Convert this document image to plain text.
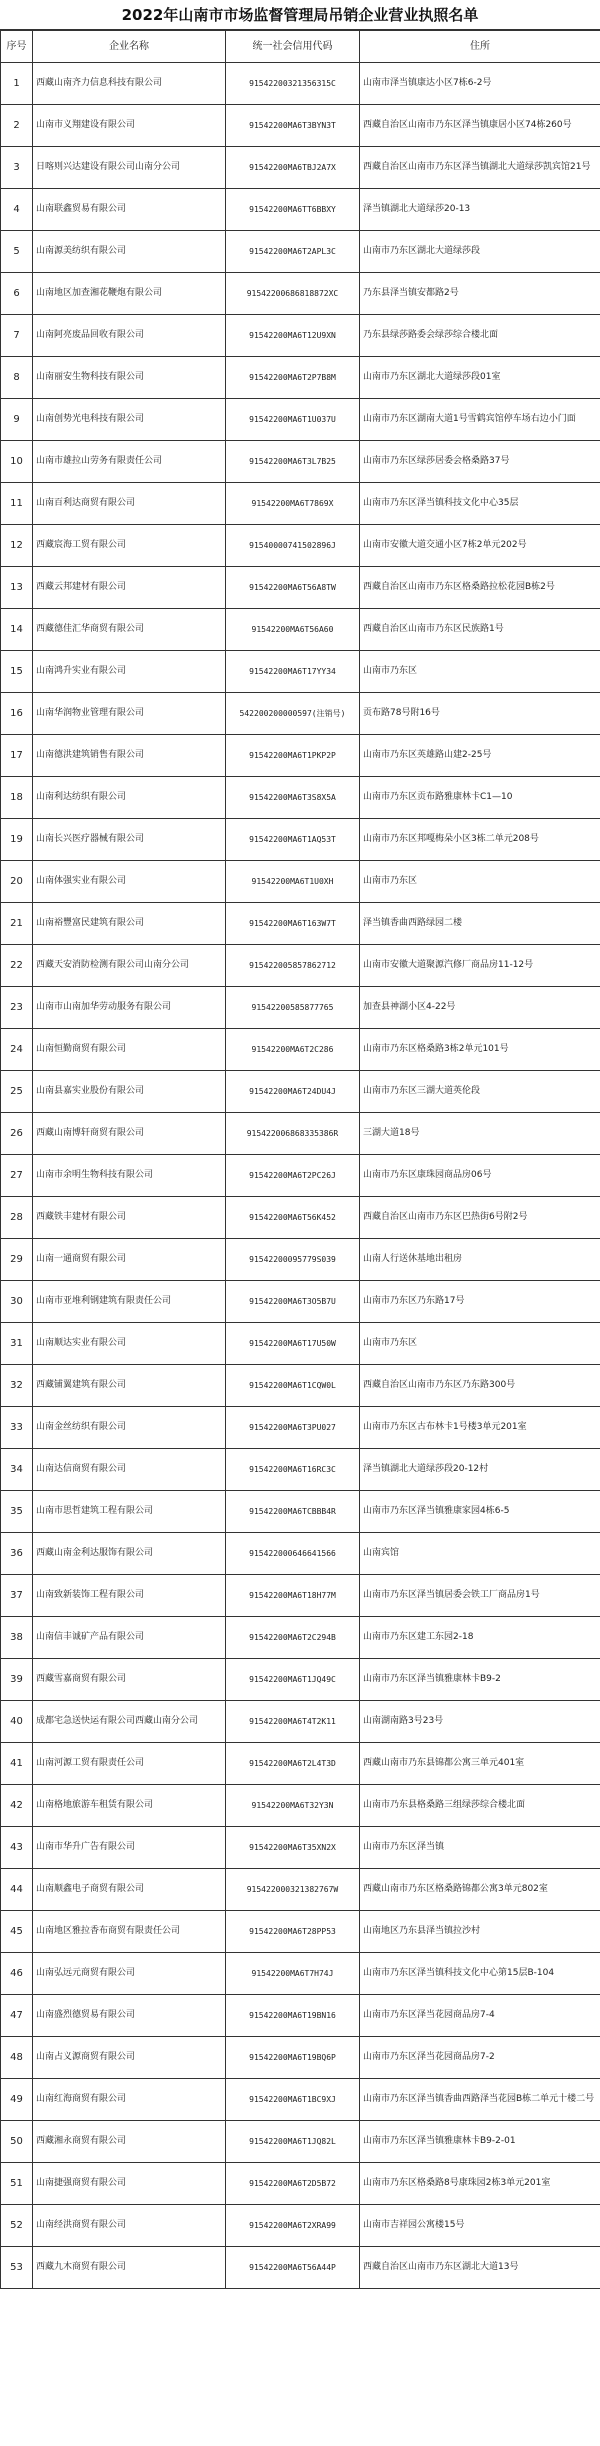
2022年山南市市场监督管理局吊销企业营业执照名单
序号	企业名称	统一社会信用代码	住所
1	西藏山南齐力信息科技有限公司	91542200321356315C	山南市泽当镇康达小区7栋6-2号
2	山南市义翔建设有限公司	91542200MA6T3BYN3T	西藏自治区山南市乃东区泽当镇康居小区74栋260号
3	日喀则兴达建设有限公司山南分公司	91542200MA6TBJ2A7X	西藏自治区山南市乃东区泽当镇湖北大道绿莎凯宾馆21号
4	山南联鑫贸易有限公司	91542200MA6TT6BBXY	泽当镇湖北大道绿莎20-13
5	山南源美纺织有限公司	91542200MA6T2APL3C	山南市乃东区湖北大道绿莎段
6	山南地区加查湘花鞭炮有限公司	91542200686818872XC	乃东县泽当镇安都路2号
7	山南阿亮废品回收有限公司	91542200MA6T12U9XN	乃东县绿莎路委会绿莎综合楼北面
8	山南丽安生物科技有限公司	91542200MA6T2P7B8M	山南市乃东区湖北大道绿莎段01室
9	山南创势光电科技有限公司	91542200MA6T1U037U	山南市乃东区湖南大道1号雪鹤宾馆停车场右边小门面
10	山南市雄拉山劳务有限责任公司	91542200MA6T3L7B25	山南市乃东区绿莎居委会格桑路37号
11	山南百利达商贸有限公司	91542200MA6T7869X	山南市乃东区泽当镇科技文化中心35层
12	西藏宸海工贸有限公司	91540000741502896J	山南市安徽大道交通小区7栋2单元202号
13	西藏云邦建材有限公司	91542200MA6T56A8TW	西藏自治区山南市乃东区格桑路拉松花园B栋2号
14	西藏德佳汇华商贸有限公司	91542200MA6T56A60	西藏自治区山南市乃东区民族路1号
15	山南鸿升实业有限公司	91542200MA6T17YY34	山南市乃东区
16	山南华润物业管理有限公司	542200200000597(注销号)	贡布路78号附16号
17	山南德洪建筑销售有限公司	91542200MA6T1PKP2P	山南市乃东区英雄路山建2-25号
18	山南利达纺织有限公司	91542200MA6T3S8X5A	山南市乃东区贡布路雅康林卡C1—10
19	山南长兴医疗器械有限公司	91542200MA6T1AQ53T	山南市乃东区邦嘎梅朵小区3栋二单元208号
20	山南体强实业有限公司	91542200MA6T1U0XH	山南市乃东区
21	山南裕豐富民建筑有限公司	91542200MA6T163W7T	泽当镇香曲西路绿园二楼
22	西藏天安消防检测有限公司山南分公司	915422005857862712	山南市安徽大道聚源汽修厂商品房11-12号
23	山南市山南加华劳动服务有限公司	91542200585877765	加查县神湖小区4-22号
24	山南恒勤商贸有限公司	91542200MA6T2C286	山南市乃东区格桑路3栋2单元101号
25	山南县嘉实业股份有限公司	91542200MA6T24DU4J	山南市乃东区三湖大道英伦段
26	西藏山南博轩商贸有限公司	915422006868335386R	三湖大道18号
27	山南市余明生物科技有限公司	91542200MA6T2PC26J	山南市乃东区康珠园商品房06号
28	西藏铁丰建材有限公司	91542200MA6T56K452	西藏自治区山南市乃东区巴热街6号附2号
29	山南一通商贸有限公司	91542200095779S039	山南人行送休基地出租房
30	山南市亚堆利钢建筑有限责任公司	91542200MA6T3O5B7U	山南市乃东区乃东路17号
31	山南顺达实业有限公司	91542200MA6T17U50W	山南市乃东区
32	西藏铺翼建筑有限公司	91542200MA6T1CQW0L	西藏自治区山南市乃东区乃东路300号
33	山南金丝纺织有限公司	91542200MA6T3PU027	山南市乃东区古布林卡1号楼3单元201室
34	山南达信商贸有限公司	91542200MA6T16RC3C	泽当镇湖北大道绿莎段20-12村
35	山南市思哲建筑工程有限公司	91542200MA6TCBBB4R	山南市乃东区泽当镇雅康家园4栋6-5
36	西藏山南金利达服饰有限公司	915422000646641566	山南宾馆
37	山南致新装饰工程有限公司	91542200MA6T18H77M	山南市乃东区泽当镇居委会铁工厂商品房1号
38	山南信丰诚矿产品有限公司	91542200MA6T2C294B	山南市乃东区建工东园2-18
39	西藏雪嘉商贸有限公司	91542200MA6T1JQ49C	山南市乃东区泽当镇雅康林卡B9-2
40	成都宅急送快运有限公司西藏山南分公司	91542200MA6T4T2K11	山南湖南路3号23号
41	山南河源工贸有限责任公司	91542200MA6T2L4T3D	西藏山南市乃东县锦都公寓三单元401室
42	山南格地旅游车租赁有限公司	91542200MA6T32Y3N	山南市乃东县格桑路三组绿莎综合楼北面
43	山南市华升广告有限公司	91542200MA6T35XN2X	山南市乃东区泽当镇
44	山南顺鑫电子商贸有限公司	915422000321382767W	西藏山南市乃东区格桑路锦都公寓3单元802室
45	山南地区雅拉香布商贸有限责任公司	91542200MA6T28PP53	山南地区乃东县泽当镇拉沙村
46	山南弘远元商贸有限公司	91542200MA6T7H74J	山南市乃东区泽当镇科技文化中心第15层B-104
47	山南盛烈德贸易有限公司	91542200MA6T19BN16	山南市乃东区泽当花园商品房7-4
48	山南占义源商贸有限公司	91542200MA6T19BQ6P	山南市乃东区泽当花园商品房7-2
49	山南红海商贸有限公司	91542200MA6T1BC9XJ	山南市乃东区泽当镇香曲西路泽当花园B栋二单元十楼二号
50	西藏湘永商贸有限公司	91542200MA6T1JQ82L	山南市乃东区泽当镇雅康林卡B9-2-01
51	山南捷强商贸有限公司	91542200MA6T2D5B72	山南市乃东区格桑路8号康珠园2栋3单元201室
52	山南经洪商贸有限公司	91542200MA6T2XRA99	山南市吉祥园公寓楼15号
53	西藏九木商贸有限公司	91542200MA6T56A44P	西藏自治区山南市乃东区湖北大道13号
